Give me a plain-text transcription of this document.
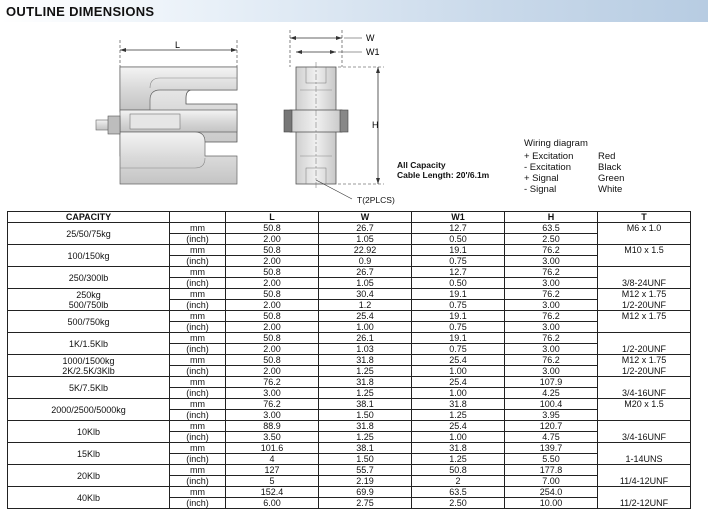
OUTLINE DIMENSIONS
L
W
W1
H
T(2PLCS)
All Capacity
Cable Length: 20'/6.1m
Wiring diagram
+ Excitation	Red
- Excitation	Black
+ Signal	Green
- Signal	White
CAPACITY		L	W	W1	H	T

25/50/75kg	mm	50.8	26.7	12.7	63.5	M6 x 1.0
	(inch)	2.00	1.05	0.50	2.50	

100/150kg	mm	50.8	22.92	19.1	76.2	M10 x 1.5
	(inch)	2.00	0.9	0.75	3.00	

250/300lb	mm	50.8	26.7	12.7	76.2	
	(inch)	2.00	1.05	0.50	3.00	3/8-24UNF

250kg
500/750lb	mm	50.8	30.4	19.1	76.2	M12 x 1.75
	(inch)	2.00	1.2	0.75	3.00	1/2-20UNF

500/750kg	mm	50.8	25.4	19.1	76.2	M12 x 1.75
	(inch)	2.00	1.00	0.75	3.00	

1K/1.5Klb	mm	50.8	26.1	19.1	76.2	
	(inch)	2.00	1.03	0.75	3.00	1/2-20UNF

1000/1500kg
2K/2.5K/3Klb	mm	50.8	31.8	25.4	76.2	M12 x 1.75
	(inch)	2.00	1.25	1.00	3.00	1/2-20UNF

5K/7.5Klb	mm	76.2	31.8	25.4	107.9	
	(inch)	3.00	1.25	1.00	4.25	3/4-16UNF

2000/2500/5000kg	mm	76.2	38.1	31.8	100.4	M20 x 1.5
	(inch)	3.00	1.50	1.25	3.95	

10Klb	mm	88.9	31.8	25.4	120.7	
	(inch)	3.50	1.25	1.00	4.75	3/4-16UNF

15Klb	mm	101.6	38.1	31.8	139.7	
	(inch)	4	1.50	1.25	5.50	1-14UNS

20Klb	mm	127	55.7	50.8	177.8	
	(inch)	5	2.19	2	7.00	11/4-12UNF

40Klb	mm	152.4	69.9	63.5	254.0	
	(inch)	6.00	2.75	2.50	10.00	11/2-12UNF
